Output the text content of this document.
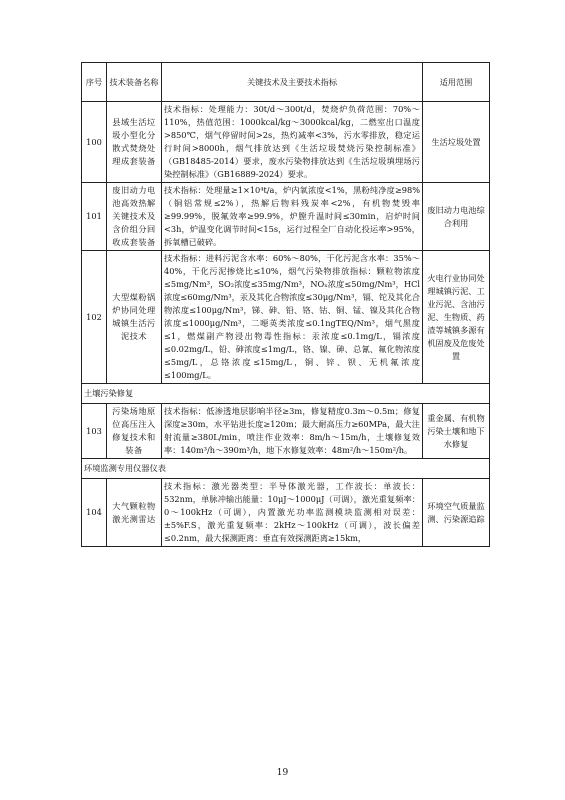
序号	技术装备名称	关键技术及主要技术指标	适用范围
100	县域生活垃圾小型化分散式焚烧处理成套装备	技术指标：处理能力：30t/d～300t/d，焚烧炉负荷范围：70%～110%，热值范围：1000kcal/kg～3000kcal/kg，二燃室出口温度>850℃，烟气停留时间>2s，热灼减率<3%，污水零排放，稳定运行时间>8000h，烟气排放达到《生活垃圾焚烧污染控制标准》（GB18485-2014）要求，废水污染物排放达到《生活垃圾填埋场污染控制标准》（GB16889-2024）要求。	生活垃圾处置
101	废旧动力电池高效热解关键技术及含价组分回收成套装备	技术指标：处理量≥1×10⁴t/a，炉内氧浓度<1%，黑粉纯净度≥98%（铜铝常规≤2%），热解后物料残炭率<2%，有机物焚毁率≥99.99%，脱氟效率≥99.9%，炉膛升温时间≤30min，启炉时间<3h，炉温变化调节时间<15s，运行过程全厂自动化投运率>95%，拆氧槽已破碎。	废旧动力电池综合利用
102	大型煤粉锅炉协同处理城镇生活污泥技术	技术指标：进料污泥含水率：60%～80%，干化污泥含水率：35%～40%，干化污泥掺烧比≤10%，烟气污染物排放指标：颗粒物浓度≤5mg/Nm³，SO₂浓度≤35mg/Nm³，NOₓ浓度≤50mg/Nm³，HCl浓度≤60mg/Nm³，汞及其化合物浓度≤30μg/Nm³，镉、铊及其化合物浓度≤100μg/Nm³，锑、砷、铅、铬、钴、铜、锰、镍及其化合物浓度≤1000μg/Nm³，二噁英类浓度≤0.1ngTEQ/Nm³，烟气黑度≤1，燃煤副产物浸出物毒性指标：汞浓度≤0.1mg/L，镉浓度≤0.02mg/L，铅、砷浓度≤1mg/L，铬、镍、砷、总氰、氟化物浓度≤5mg/L，总铬浓度≤15mg/L，铜、锌、钡、无机氟浓度≤100mg/L。	火电行业协同处理城镇污泥、工业污泥、含油污泥、生物质、药渣等城镇多源有机固废及危废处置
土壤污染修复			
103	污染场地原位高压注入修复技术和装备	技术指标：低渗透地层影响半径≥3m，修复精度0.3m～0.5m；修复深度≥30m，水平钻进长度≥120m；最大耐高压力≥60MPa，最大注射流量≥380L/min，喷注作业效率：8m/h～15m/h，土壤修复效率：140m³/h～390m³/h，地下水修复效率：48m²/h～150m²/h。	重金属、有机物污染土壤和地下水修复
环境监测专用仪器仪表			
104	大气颗粒物激光测雷达	技术指标：激光器类型：半导体激光器，工作波长：单波长：532nm，单脉冲输出能量：10μJ～1000μJ（可调），激光重复频率：0～100kHz（可调），内置激光功率监测模块监测相对误差：±5%F.S，激光重复频率：2kHz～100kHz（可调），波长偏差≤0.2nm，最大探测距离：垂直有效探测距离≥15km，	环境空气质量监测、污染源追踪
19
